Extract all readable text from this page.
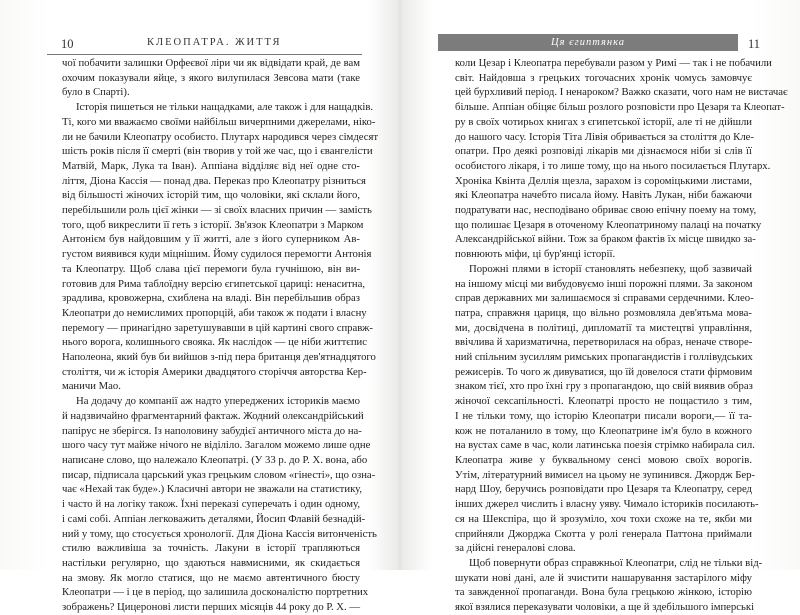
10	КЛЕОПАТРА. ЖИТТЯ
чої побачити залишки Орфеєвої ліри чи як відвідати край, де вам
охочим показували яйце, з якого вилупилася Зевсова мати (таке
було в Спарті).
Історія пишеться не тільки нащадками, але також і для нащадків.
Ті, кого ми вважаємо своїми найбільш вичерпними джерелами, ніко-
ли не бачили Клеопатру особисто. Плутарх народився через сімдесят
шість років після її смерті (він творив у той же час, що і євангелісти
Матвій, Марк, Лука та Іван). Аппіана відділяє від неї одне сто-
ліття, Діона Кассія — понад два. Переказ про Клеопатру різниться
від більшості жіночих історій тим, що чоловіки, які склали його,
перебільшили роль цієї жінки — зі своїх власних причин — замість
того, щоб викреслити її геть з історії. Зв'язок Клеопатри з Марком
Антонієм був найдовшим у її житті, але з його суперником Ав-
густом виявився куди міцнішим. Йому судилося перемогти Антонія
та Клеопатру. Щоб слава цієї перемоги була гучнішою, він ви-
готовив для Рима таблоїдну версію єгипетської цариці: ненаситна,
зрадлива, кровожерна, схиблена на владі. Він перебільшив образ
Клеопатри до немислимих пропорцій, аби також ж подати і власну
перемогу — принагідно заретушувавши в цій картині свого справж-
нього ворога, колишнього свояка. Як наслідок — це ніби життєпис
Наполеона, який був би вийшов з-під пера британця дев'ятнадцятого
століття, чи ж історія Америки двадцятого сторіччя авторства Кер-
маничи Мао.
На додачу до компанії аж надто упереджених істориків маємо
й надзвичайно фрагментарний фактаж. Жодний олександрійський
папірус не зберігся. Із наполовину забудієї античного міста до на-
шого часу тут майже нічого не віділіло. Загалом можемо лише одне
написане слово, що належало Клеопатрі. (У 33 р. до Р. Х. вона, або
писар, підписала царський указ грецьким словом «гінесті», що озна-
чає «Нехай так буде».) Класичні автори не зважали на статистику,
і часто й на логіку також. Їхні переказі суперечать і один одному,
і самі собі. Аппіан легковажить деталями, Йосип Флавій безнадій-
ний у тому, що стосується хронології. Для Діона Кассія витонченість
стилю важливіша за точність. Лакуни в історії трапляються
настільки регулярно, що здаються навмисними, як скидається
на змову. Як могло статися, що не маємо автентичного бюсту
Клеопатри — і це в період, що залишила досконалістю портретних
зображень? Цицеронові листи перших місяців 44 року до Р. Х. —
Ця єгиптянка	11
коли Цезар і Клеопатра перебували разом у Римі — так і не побачили
світ. Найдовша з грецьких тогочасних хронік чомусь замовчує
цей бурхливий період. І ненароком? Важко сказати, чого нам не вистачає
більше. Аппіан обіцяє більш розлого розповісти про Цезаря та Клеопат-
ру в своїх чотирьох книгах з єгипетської історії, але ті не дійшли
до нашого часу. Історія Тіта Лівія обривається за століття до Кле-
опатри. Про деякі розповіді лікарів ми дізнаємося ніби зі слів її
особистого лікаря, і то лише тому, що на нього посилається Плутарх.
Хроніка Квінта Деллія щезла, зарахом із сороміцькими листами,
які Клеопатра начебто писала йому. Навіть Лукан, ніби бажаючи
подратувати нас, несподівано обриває свою епічну поему на тому,
що полишає Цезаря в оточеному Клеопатриному палаці на початку
Александрійської війни. Тож за браком фактів їх місце швидко за-
повнюють міфи, ці бур'янці історії.
Порожні плями в історії становлять небезпеку, щоб зазвичай
на іншому місці ми вибудовуємо інші порожні плями. За законом
справ державних ми залишаємося зі справами сердечними. Клео-
патра, справжня цариця, що вільно розмовляла дев'ятьма мова-
ми, досвідчена в політиці, дипломатії та мистецтві управління,
ввічлива й харизматична, перетворилася на образ, неначе створе-
ний спільним зусиллям римських пропагандистів і голлівудських
режисерів. То чого ж дивуватися, що їй довелося стати фірмовим
знаком тієї, хто про їхні гру з пропагандою, що свій виявив образ
жіночої сексапільності. Клеопатрі просто не пощастило з тим,
І не тільки тому, що історію Клеопатри писали вороги,— її та-
кож не поталанило в тому, що Клеопатрине ім'я було в кожного
на вустах саме в час, коли латинська поезія стрімко набирала сил.
Клеопатра живе у буквальному сенсі мовою своїх ворогів.
Утім, літературний вимисел на цьому не зупинився. Джордж Бер-
нард Шоу, беручись розповідати про Цезаря та Клеопатру, серед
інших джерел числить і власну уяву. Чимало істориків посилають-
ся на Шекспіра, що й зрозуміло, хоч тохи схоже на те, якби ми
сприйняли Джорджа Скотта у ролі генерала Паттона приймали
за дійсні генералові слова.
Щоб повернути образ справжньої Клеопатри, слід не тільки від-
шукати нові дані, але й зчистити нашарування застарілого міфу
та завжденної пропаганди. Вона була грецькою жінкою, історію
якої взялися переказувати чоловіки, а ще й здебільшого імперські
